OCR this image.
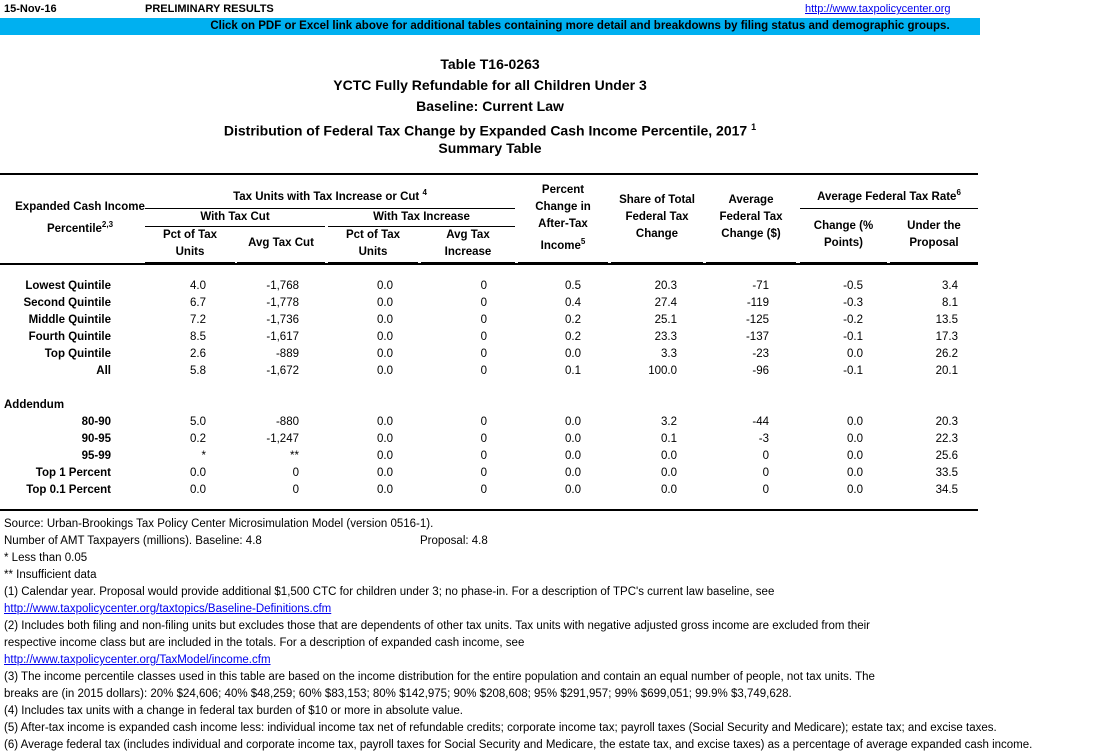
15-Nov-16	PRELIMINARY RESULTS	http://www.taxpolicycenter.org
Click on PDF or Excel link above for additional tables containing more detail and breakdowns by filing status and demographic groups.
Table T16-0263
YCTC Fully Refundable for all Children Under 3
Baseline: Current Law
Distribution of Federal Tax Change by Expanded Cash Income Percentile, 2017 $^1$
Summary Table
Expanded Cash Income
Percentile$^{2,3}$
Tax Units with Tax Increase or Cut $^4$
With Tax Cut	With Tax Increase
Pct of Tax
Units
Avg Tax Cut
Pct of Tax
Units
Avg Tax
Increase
Percent
Change in
After-Tax
Income$^5$
Share of Total
Federal Tax
Change
Average
Federal Tax
Change ($)
Average Federal Tax Rate$^6$
Change (%
Points)
Under the
Proposal
Lowest Quintile	4.0	-1,768	0.0	0	0.5	20.3	-71	-0.5	3.4
Second Quintile	6.7	-1,778	0.0	0	0.4	27.4	-119	-0.3	8.1
Middle Quintile	7.2	-1,736	0.0	0	0.2	25.1	-125	-0.2	13.5
Fourth Quintile	8.5	-1,617	0.0	0	0.2	23.3	-137	-0.1	17.3
Top Quintile	2.6	-889	0.0	0	0.0	3.3	-23	0.0	26.2
All	5.8	-1,672	0.0	0	0.1	100.0	-96	-0.1	20.1
Addendum
80-90	5.0	-880	0.0	0	0.0	3.2	-44	0.0	20.3
90-95	0.2	-1,247	0.0	0	0.0	0.1	-3	0.0	22.3
95-99	*	**	0.0	0	0.0	0.0	0	0.0	25.6
Top 1 Percent	0.0	0	0.0	0	0.0	0.0	0	0.0	33.5
Top 0.1 Percent	0.0	0	0.0	0	0.0	0.0	0	0.0	34.5
Source: Urban-Brookings Tax Policy Center Microsimulation Model (version 0516-1).
Number of AMT Taxpayers (millions). Baseline: 4.8	Proposal: 4.8
* Less than 0.05
** Insufficient data
(1) Calendar year. Proposal would provide additional $1,500 CTC for children under 3; no phase-in. For a description of TPC's current law baseline, see
http://www.taxpolicycenter.org/taxtopics/Baseline-Definitions.cfm
(2) Includes both filing and non-filing units but excludes those that are dependents of other tax units. Tax units with negative adjusted gross income are excluded from their
respective income class but are included in the totals. For a description of expanded cash income, see
http://www.taxpolicycenter.org/TaxModel/income.cfm
(3) The income percentile classes used in this table are based on the income distribution for the entire population and contain an equal number of people, not tax units. The
breaks are (in 2015 dollars): 20% $24,606; 40% $48,259; 60% $83,153; 80% $142,975; 90% $208,608; 95% $291,957; 99% $699,051; 99.9% $3,749,628.
(4) Includes tax units with a change in federal tax burden of $10 or more in absolute value.
(5) After-tax income is expanded cash income less: individual income tax net of refundable credits; corporate income tax; payroll taxes (Social Security and Medicare); estate tax; and excise taxes.
(6) Average federal tax (includes individual and corporate income tax, payroll taxes for Social Security and Medicare, the estate tax, and excise taxes) as a percentage of average expanded cash income.
